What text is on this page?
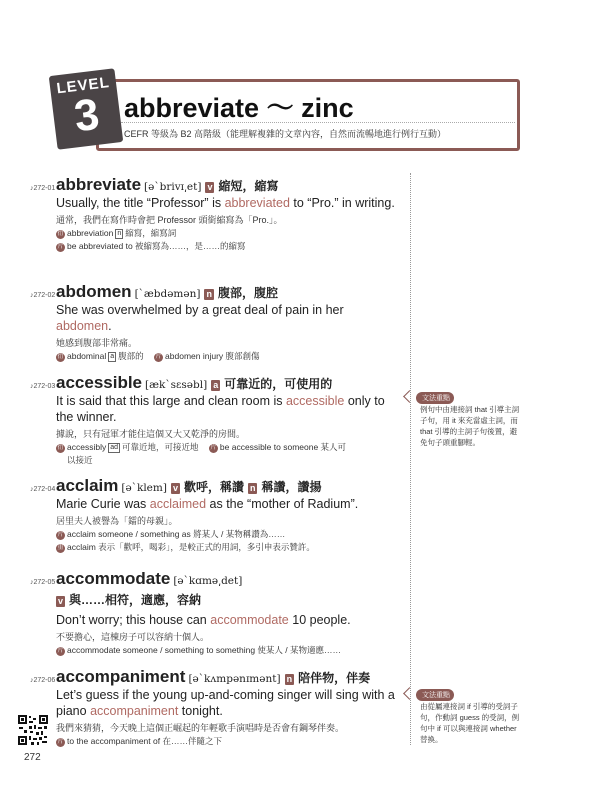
LEVEL
3 abbreviate ～ zinc
CEFR 等級為 B2 高階級（能理解複雜的文章內容，自然而流暢地進行例行互動）
♪272-01 abbreviate [əˋbrivɪ͵et] v 縮短，縮寫
Usually, the title “Professor” is abbreviated to “Pro.” in writing.
通常，我們在寫作時會把 Professor 頭銜縮寫為「Pro.」。
衍 abbreviation n 縮寫，縮寫詞
片 be abbreviated to 被縮寫為……，是……的縮寫
♪272-02 abdomen [ˋæbdəmən] n 腹部，腹腔
She was overwhelmed by a great deal of pain in her abdomen.
她感到腹部非常痛。
衍 abdominal a 腹部的 片 abdomen injury 腹部創傷
♪272-03 accessible [ækˋsɛsəbl] a 可靠近的，可使用的
It is said that this large and clean room is accessible only to the winner.
據說，只有冠軍才能住這個又大又乾淨的房間。
衍 accessibly ad 可靠近地，可接近地 片 be accessible to someone 某人可
以接近
♪272-04 acclaim [əˋklem] v 歡呼，稱讚 n 稱讚，讚揚
Marie Curie was acclaimed as the “mother of Radium”.
居里夫人被譽為「鐳的母親」。
片 acclaim someone / something as 將某人 / 某物稱讚為……
重 acclaim 表示「歡呼，喝彩」，是較正式的用詞，多引申表示贊許。
♪272-05 accommodate [əˋkɑmə͵det]
v 與……相符，適應，容納
Don’t worry; this house can accommodate 10 people.
不要擔心，這棟房子可以容納十個人。
片 accommodate someone / something to something 使某人 / 某物適應……
♪272-06 accompaniment [əˋkʌmpənɪmənt] n 陪伴物，伴奏
Let’s guess if the young up-and-coming singer will sing with a piano accompaniment tonight.
我們來猜猜，今天晚上這個正崛起的年輕歌手演唱時是否會有鋼琴伴奏。
片 to the accompaniment of 在……伴隨之下
文法重點
例句中由連接詞 that 引導主詞子句，用 it 來充當虛主詞，而 that 引導的主詞子句後置，避免句子頭重腳輕。
文法重點
由從屬連接詞 if 引導的受詞子句，作動詞 guess 的受詞，例句中 if 可以與連接詞 whether 替換。
272
